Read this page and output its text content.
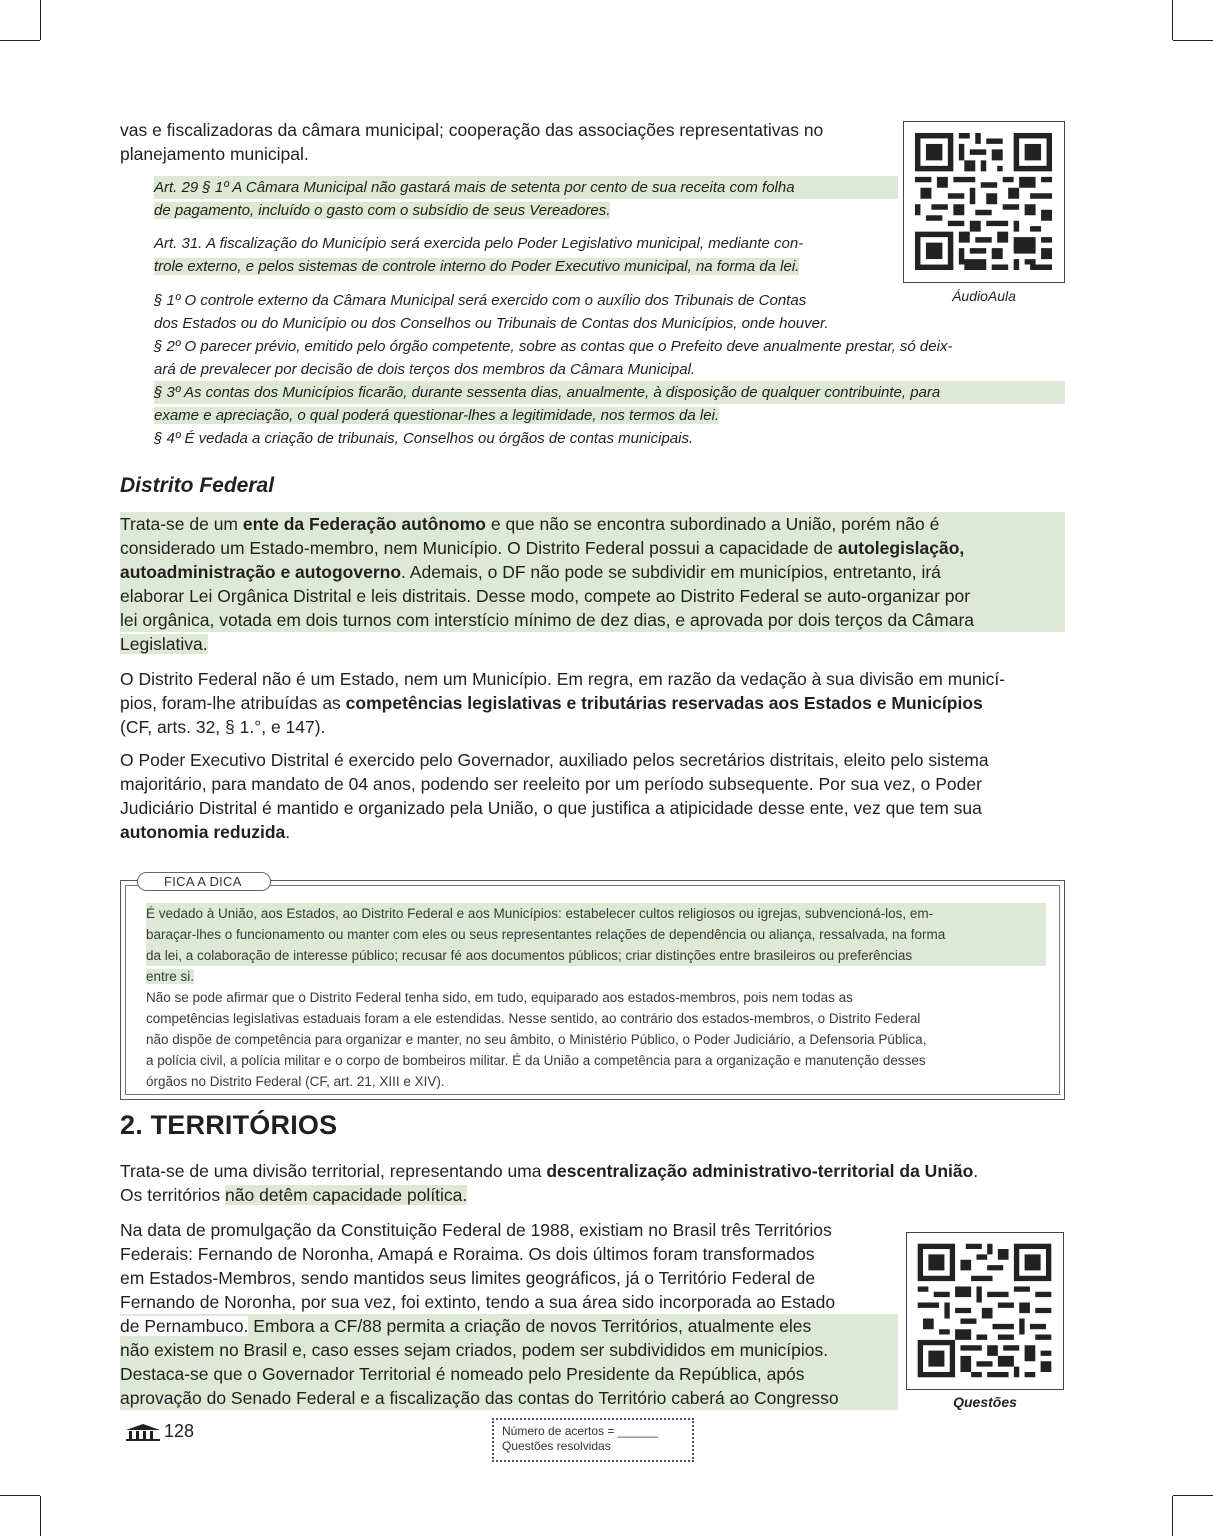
vas e fiscalizadoras da câmara municipal; cooperação das associações representativas no
planejamento municipal.
ÁudioAula
Art. 29 § 1º A Câmara Municipal não gastará mais de setenta por cento de sua receita com folha
de pagamento, incluído o gasto com o subsídio de seus Vereadores.
Art. 31. A fiscalização do Município será exercida pelo Poder Legislativo municipal, mediante con-
trole externo, e pelos sistemas de controle interno do Poder Executivo municipal, na forma da lei.
§ 1º O controle externo da Câmara Municipal será exercido com o auxílio dos Tribunais de Contas
dos Estados ou do Município ou dos Conselhos ou Tribunais de Contas dos Municípios, onde houver.
§ 2º O parecer prévio, emitido pelo órgão competente, sobre as contas que o Prefeito deve anualmente prestar, só deix-
ará de prevalecer por decisão de dois terços dos membros da Câmara Municipal.
§ 3º As contas dos Municípios ficarão, durante sessenta dias, anualmente, à disposição de qualquer contribuinte, para
exame e apreciação, o qual poderá questionar-lhes a legitimidade, nos termos da lei.
§ 4º É vedada a criação de tribunais, Conselhos ou órgãos de contas municipais.
Distrito Federal
Trata-se de um ente da Federação autônomo e que não se encontra subordinado a União, porém não é
considerado um Estado-membro, nem Município. O Distrito Federal possui a capacidade de autolegislação,
autoadministração e autogoverno. Ademais, o DF não pode se subdividir em municípios, entretanto, irá
elaborar Lei Orgânica Distrital e leis distritais. Desse modo, compete ao Distrito Federal se auto-organizar por
lei orgânica, votada em dois turnos com interstício mínimo de dez dias, e aprovada por dois terços da Câmara
Legislativa.
O Distrito Federal não é um Estado, nem um Município. Em regra, em razão da vedação à sua divisão em municí-
pios, foram-lhe atribuídas as competências legislativas e tributárias reservadas aos Estados e Municípios
(CF, arts. 32, § 1.°, e 147).
O Poder Executivo Distrital é exercido pelo Governador, auxiliado pelos secretários distritais, eleito pelo sistema
majoritário, para mandato de 04 anos, podendo ser reeleito por um período subsequente. Por sua vez, o Poder
Judiciário Distrital é mantido e organizado pela União, o que justifica a atipicidade desse ente, vez que tem sua
autonomia reduzida.
FICA A DICA
É vedado à União, aos Estados, ao Distrito Federal e aos Municípios: estabelecer cultos religiosos ou igrejas, subvencioná-los, em-
baraçar-lhes o funcionamento ou manter com eles ou seus representantes relações de dependência ou aliança, ressalvada, na forma
da lei, a colaboração de interesse público; recusar fé aos documentos públicos; criar distinções entre brasileiros ou preferências
entre si.
Não se pode afirmar que o Distrito Federal tenha sido, em tudo, equiparado aos estados-membros, pois nem todas as
competências legislativas estaduais foram a ele estendidas. Nesse sentido, ao contrário dos estados-membros, o Distrito Federal
não dispõe de competência para organizar e manter, no seu âmbito, o Ministério Público, o Poder Judiciário, a Defensoria Pública,
a polícia civil, a polícia militar e o corpo de bombeiros militar. É da União a competência para a organização e manutenção desses
órgãos no Distrito Federal (CF, art. 21, XIII e XIV).
2. TERRITÓRIOS
Trata-se de uma divisão territorial, representando uma descentralização administrativo-territorial da União.
Os territórios não detêm capacidade política.
Na data de promulgação da Constituição Federal de 1988, existiam no Brasil três Territórios
Federais: Fernando de Noronha, Amapá e Roraima. Os dois últimos foram transformados
em Estados-Membros, sendo mantidos seus limites geográficos, já o Território Federal de
Fernando de Noronha, por sua vez, foi extinto, tendo a sua área sido incorporada ao Estado
de Pernambuco. Embora a CF/88 permita a criação de novos Territórios, atualmente eles
não existem no Brasil e, caso esses sejam criados, podem ser subdivididos em municípios.
Destaca-se que o Governador Territorial é nomeado pelo Presidente da República, após
aprovação do Senado Federal e a fiscalização das contas do Território caberá ao Congresso	Questões
128	Número de acertos = ______
Questões resolvidas
